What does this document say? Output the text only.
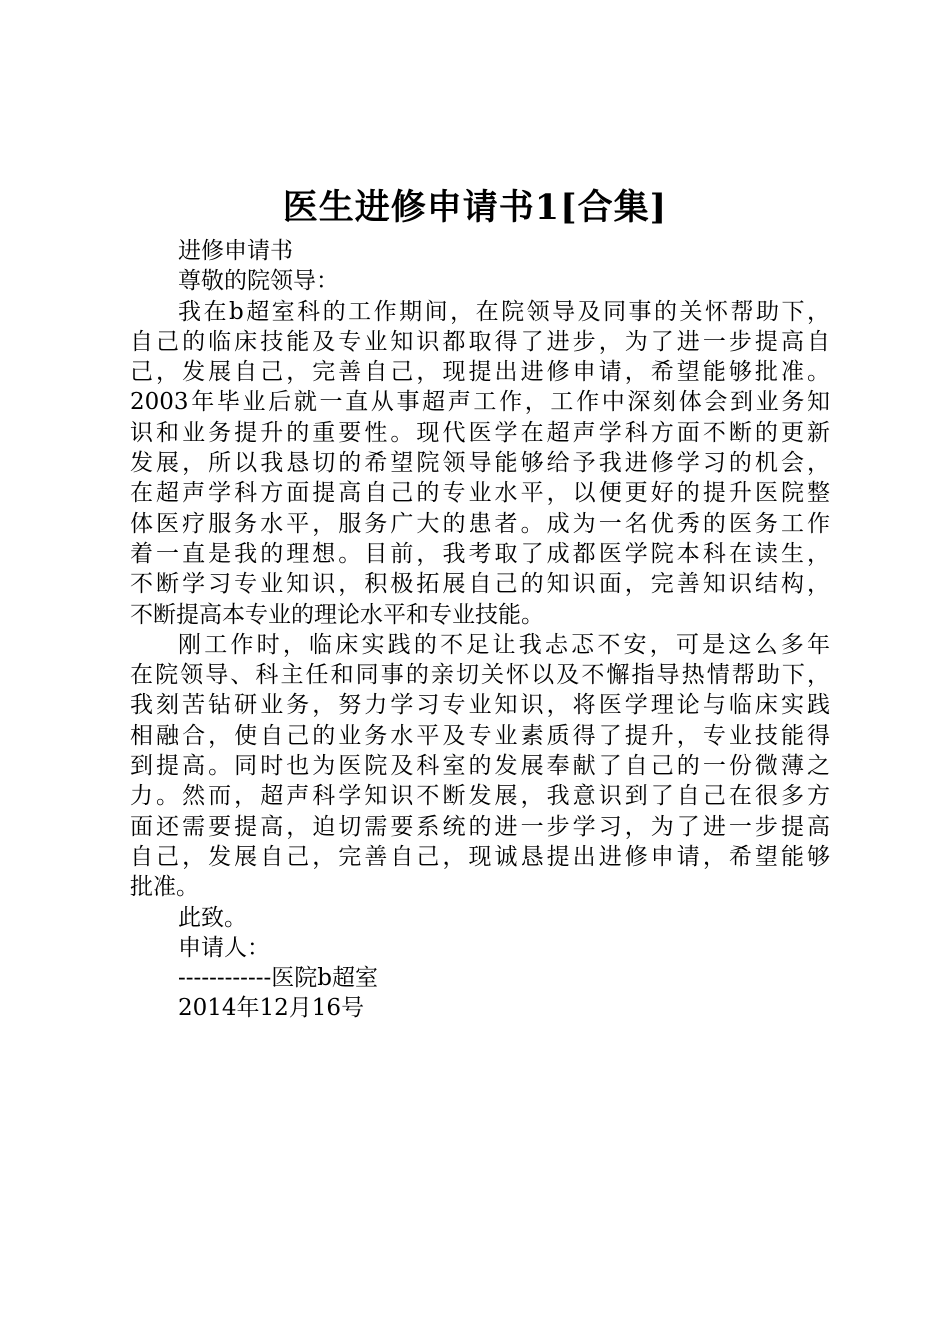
医生进修申请书1[合集]
进修申请书
尊敬的院领导：
我在b超室科的工作期间，在院领导及同事的关怀帮助下，
自己的临床技能及专业知识都取得了进步，为了进一步提高自
己，发展自己，完善自己，现提出进修申请，希望能够批准。
2003年毕业后就一直从事超声工作，工作中深刻体会到业务知
识和业务提升的重要性。现代医学在超声学科方面不断的更新
发展，所以我恳切的希望院领导能够给予我进修学习的机会，
在超声学科方面提高自己的专业水平，以便更好的提升医院整
体医疗服务水平，服务广大的患者。成为一名优秀的医务工作
着一直是我的理想。目前，我考取了成都医学院本科在读生，
不断学习专业知识，积极拓展自己的知识面，完善知识结构，
不断提高本专业的理论水平和专业技能。
刚工作时，临床实践的不足让我忐忑不安，可是这么多年
在院领导、科主任和同事的亲切关怀以及不懈指导热情帮助下，
我刻苦钻研业务，努力学习专业知识，将医学理论与临床实践
相融合，使自己的业务水平及专业素质得了提升，专业技能得
到提高。同时也为医院及科室的发展奉献了自己的一份微薄之
力。然而，超声科学知识不断发展，我意识到了自己在很多方
面还需要提高，迫切需要系统的进一步学习，为了进一步提高
自己，发展自己，完善自己，现诚恳提出进修申请，希望能够
批准。
此致。
申请人：
------------医院b超室
2014年12月16号
